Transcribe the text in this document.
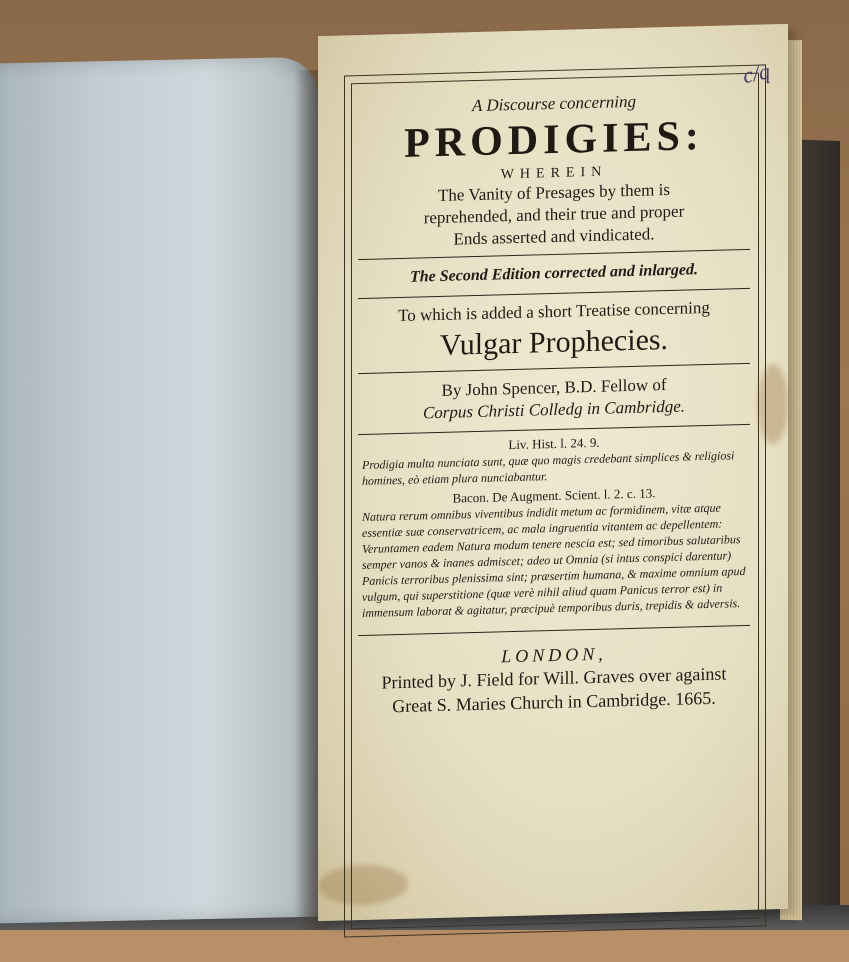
c/q
A Discourse concerning
PRODIGIES:
WHEREIN
The Vanity of Presages by them is
reprehended, and their true and proper
Ends asserted and vindicated.
The Second Edition corrected and inlarged.
To which is added a short Treatise concerning
Vulgar Prophecies.
By John Spencer, B.D. Fellow of
Corpus Christi Colledg in Cambridge.
Liv. Hist. l. 24. 9.
Prodigia multa nunciata sunt, quæ quo magis credebant simplices & religiosi homines, eò etiam plura nunciabantur.
Bacon. De Augment. Scient. l. 2. c. 13.
Natura rerum omnibus viventibus indidit metum ac formidinem, vitæ atque essentiæ suæ conservatricem, ac mala ingruentia vitantem ac depellentem: Veruntamen eadem Natura modum tenere nescia est; sed timoribus salutaribus semper vanos & inanes admiscet; adeo ut Omnia (si intus conspici darentur) Panicis terroribus plenissima sint; præsertim humana, & maxime omnium apud vulgum, qui superstitione (quæ verè nihil aliud quam Panicus terror est) in immensum laborat & agitatur, præcipuè temporibus duris, trepidis & adversis.
LONDON,
Printed by J. Field for Will. Graves over against
Great S. Maries Church in Cambridge. 1665.
